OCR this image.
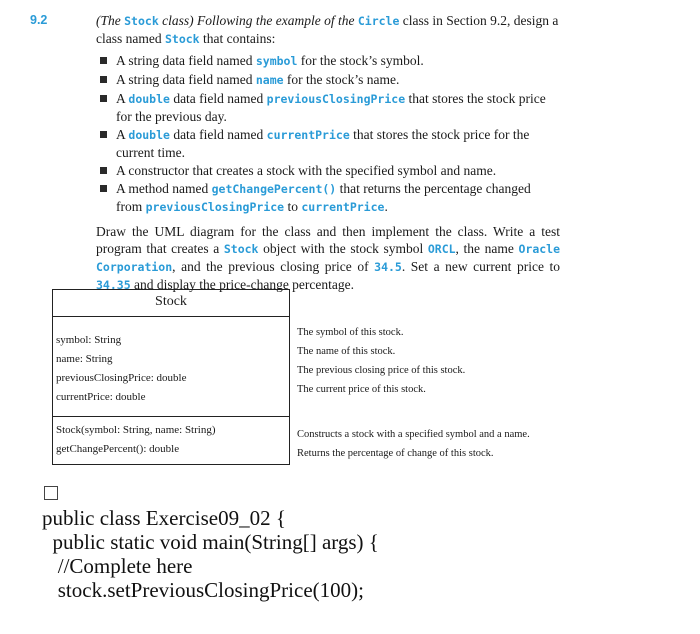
9.2	(The Stock class) Following the example of the Circle class in Section 9.2, design a class named Stock that contains:

A string data field named symbol for the stock’s symbol.
A string data field named name for the stock’s name.
A double data field named previousClosingPrice that stores the stock price for the previous day.
A double data field named currentPrice that stores the stock price for the current time.
A constructor that creates a stock with the specified symbol and name.
A method named getChangePercent() that returns the percentage changed from previousClosingPrice to currentPrice.

Draw the UML diagram for the class and then implement the class. Write a test program that creates a Stock object with the stock symbol ORCL, the name Oracle Corporation, and the previous closing price of 34.5. Set a new current price to 34.35 and display the price-change percentage.

Stock
symbol: String
name: String
previousClosingPrice: double
currentPrice: double
Stock(symbol: String, name: String)
getChangePercent(): double
The symbol of this stock.
The name of this stock.
The previous closing price of this stock.
The current price of this stock.
Constructs a stock with a specified symbol and a name.
Returns the percentage of change of this stock.
public class Exercise09_02 {
public static void main(String[] args) {
//Complete here
stock.setPreviousClosingPrice(100);
